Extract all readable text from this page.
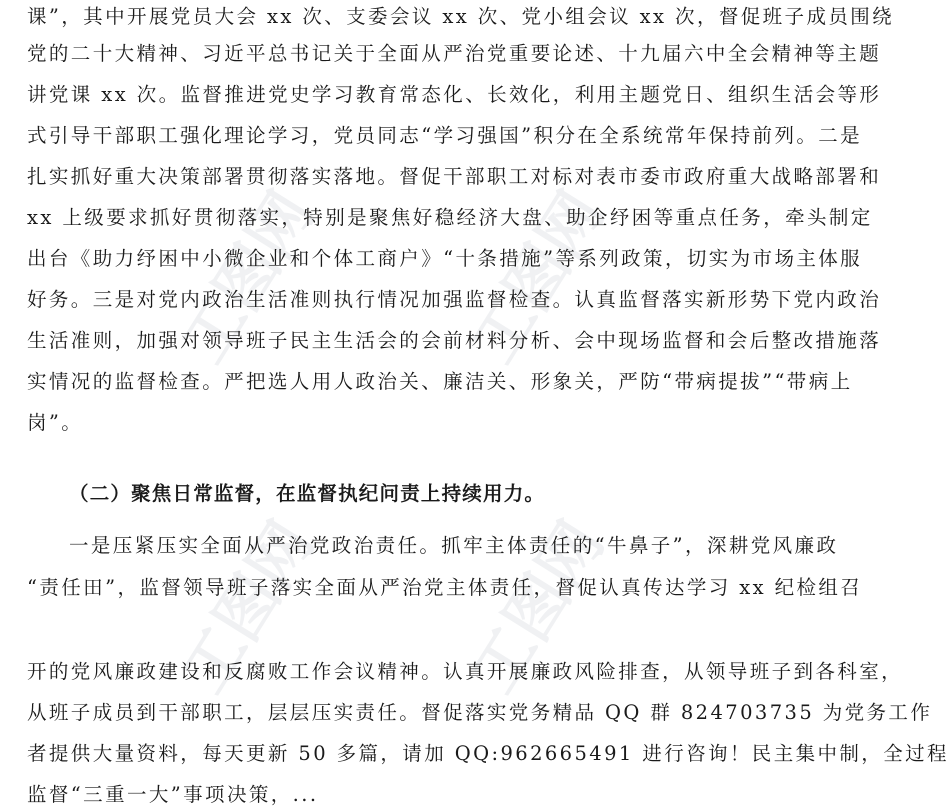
工图网 工图网
工图网 工图网
课”，其中开展党员大会 xx 次、支委会议 xx 次、党小组会议 xx 次，督促班子成员围绕
党的二十大精神、习近平总书记关于全面从严治党重要论述、十九届六中全会精神等主题
讲党课 xx 次。监督推进党史学习教育常态化、长效化，利用主题党日、组织生活会等形
式引导干部职工强化理论学习，党员同志“学习强国”积分在全系统常年保持前列。二是
扎实抓好重大决策部署贯彻落实落地。督促干部职工对标对表市委市政府重大战略部署和
xx 上级要求抓好贯彻落实，特别是聚焦好稳经济大盘、助企纾困等重点任务，牵头制定
出台《助力纾困中小微企业和个体工商户》“十条措施”等系列政策，切实为市场主体服
好务。三是对党内政治生活准则执行情况加强监督检查。认真监督落实新形势下党内政治
生活准则，加强对领导班子民主生活会的会前材料分析、会中现场监督和会后整改措施落
实情况的监督检查。严把选人用人政治关、廉洁关、形象关，严防“带病提拔”“带病上
岗”。
（二）聚焦日常监督，在监督执纪问责上持续用力。
一是压紧压实全面从严治党政治责任。抓牢主体责任的“牛鼻子”，深耕党风廉政
“责任田”，监督领导班子落实全面从严治党主体责任，督促认真传达学习 xx 纪检组召
开的党风廉政建设和反腐败工作会议精神。认真开展廉政风险排查，从领导班子到各科室，
从班子成员到干部职工，层层压实责任。督促落实党务精品 QQ 群 824703735 为党务工作
者提供大量资料，每天更新 50 多篇，请加 QQ:962665491 进行咨询！民主集中制，全过程
监督“三重一大”事项决策，...
